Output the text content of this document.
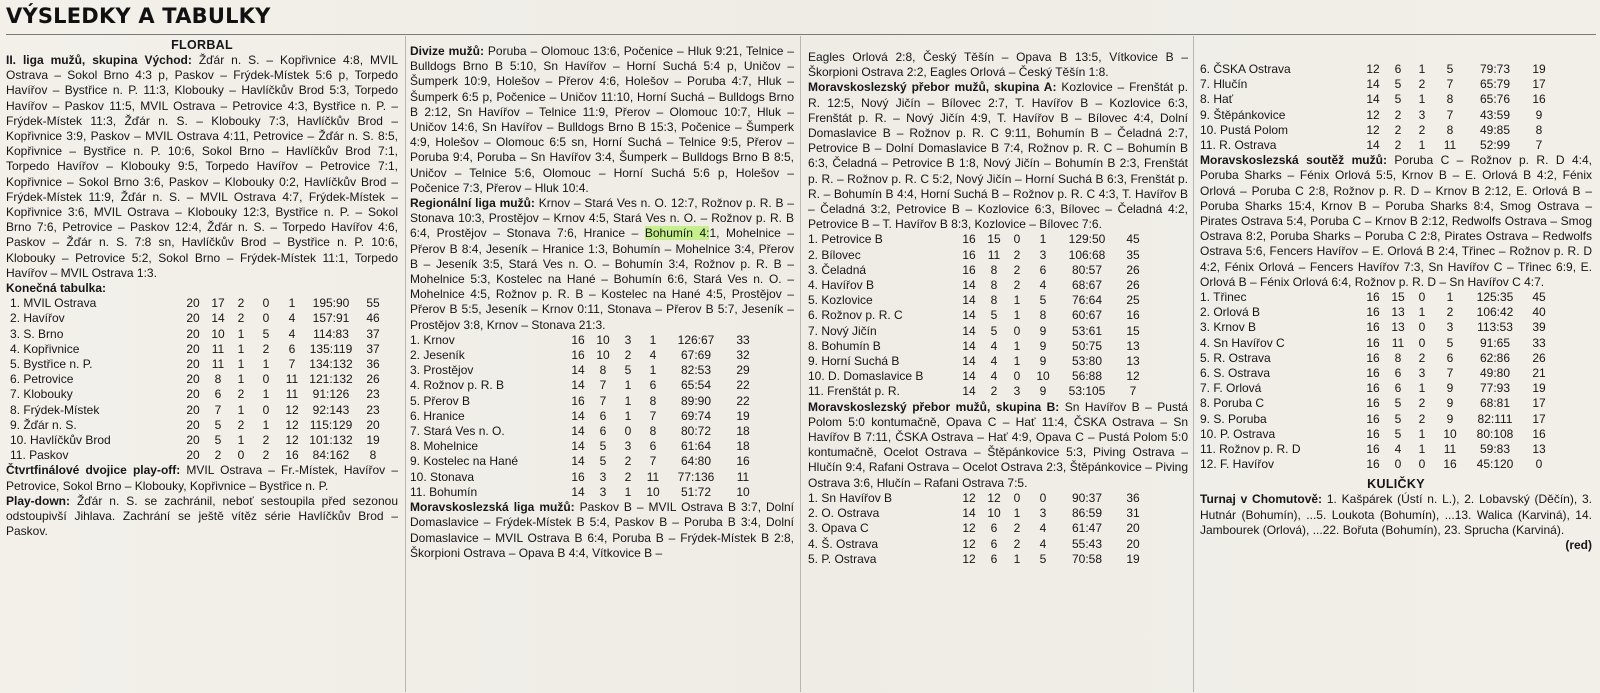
VÝSLEDKY A TABULKY
FLORBAL

II. liga mužů, skupina Východ: Žďár n. S. – Kopřivnice 4:8, MVIL Ostrava – Sokol Brno 4:3 p, Paskov – Frýdek-Místek 5:6 p, Torpedo Havířov – Bystřice n. P. 11:3, Klobouky – Havlíčkův Brod 5:3, Torpedo Havířov – Paskov 11:5, MVIL Ostrava – Petrovice 4:3, Bystřice n. P. – Frýdek-Místek 11:3, Žďár n. S. – Klobouky 7:3, Havlíčkův Brod – Kopřivnice 3:9, Paskov – MVIL Ostrava 4:11, Petrovice – Žďár n. S. 8:5, Kopřivnice – Bystřice n. P. 10:6, Sokol Brno – Havlíčkův Brod 7:1, Torpedo Havířov – Klobouky 9:5, Torpedo Havířov – Petrovice 7:1, Kopřivnice – Sokol Brno 3:6, Paskov – Klobouky 0:2, Havlíčkův Brod – Frýdek-Místek 11:9, Žďár n. S. – MVIL Ostrava 4:7, Frýdek-Místek – Kopřivnice 3:6, MVIL Ostrava – Klobouky 12:3, Bystřice n. P. – Sokol Brno 7:6, Petrovice – Paskov 12:4, Žďár n. S. – Torpedo Havířov 4:6, Paskov – Žďár n. S. 7:8 sn, Havlíčkův Brod – Bystřice n. P. 10:6, Klobouky – Petrovice 5:2, Sokol Brno – Frýdek-Místek 11:1, Torpedo Havířov – MVIL Ostrava 1:3.

Konečná tabulka:

1. MVIL Ostrava	20	17	2	0	1	195:90	55
2. Havířov	20	14	2	0	4	157:91	46
3. S. Brno	20	10	1	5	4	114:83	37
4. Kopřivnice	20	11	1	2	6	135:119	37
5. Bystřice n. P.	20	11	1	1	7	134:132	36
6. Petrovice	20	8	1	0	11	121:132	26
7. Klobouky	20	6	2	1	11	91:126	23
8. Frýdek-Místek	20	7	1	0	12	92:143	23
9. Žďár n. S.	20	5	2	1	12	115:129	20
10. Havlíčkův Brod	20	5	1	2	12	101:132	19
11. Paskov	20	2	0	2	16	84:162	8

Čtvrtfinálové dvojice play-off: MVIL Ostrava – Fr.-Místek, Havířov – Petrovice, Sokol Brno – Klobouky, Kopřivnice – Bystřice n. P.

Play-down: Žďár n. S. se zachránil, neboť sestoupila před sezonou odstoupivší Jihlava. Zachrání se ještě vítěz série Havlíčkův Brod – Paskov.

Divize mužů: Poruba – Olomouc 13:6, Počenice – Hluk 9:21, Telnice – Bulldogs Brno B 5:10, Sn Havířov – Horní Suchá 5:4 p, Uničov – Šumperk 10:9, Holešov – Přerov 4:6, Holešov – Poruba 4:7, Hluk – Šumperk 6:5 p, Počenice – Uničov 11:10, Horní Suchá – Bulldogs Brno B 2:12, Sn Havířov – Telnice 11:9, Přerov – Olomouc 10:7, Hluk – Uničov 14:6, Sn Havířov – Bulldogs Brno B 15:3, Počenice – Šumperk 4:9, Holešov – Olomouc 6:5 sn, Horní Suchá – Telnice 9:5, Přerov – Poruba 9:4, Poruba – Sn Havířov 3:4, Šumperk – Bulldogs Brno B 8:5, Uničov – Telnice 5:6, Olomouc – Horní Suchá 5:6 p, Holešov – Počenice 7:3, Přerov – Hluk 10:4.

Regionální liga mužů: Krnov – Stará Ves n. O. 12:7, Rožnov p. R. B – Stonava 10:3, Prostějov – Krnov 4:5, Stará Ves n. O. – Rožnov p. R. B 6:4, Prostějov – Stonava 7:6, Hranice – Bohumín 4:1, Mohelnice – Přerov B 8:4, Jeseník – Hranice 1:3, Bohumín – Mohelnice 3:4, Přerov B – Jeseník 3:5, Stará Ves n. O. – Bohumín 3:4, Rožnov p. R. B – Mohelnice 5:3, Kostelec na Hané – Bohumín 6:6, Stará Ves n. O. – Mohelnice 4:5, Rožnov p. R. B – Kostelec na Hané 4:5, Prostějov – Přerov B 5:5, Jeseník – Krnov 0:11, Stonava – Přerov B 5:7, Jeseník – Prostějov 3:8, Krnov – Stonava 21:3.

1. Krnov	16	10	3	1	126:67	33
2. Jeseník	16	10	2	4	67:69	32
3. Prostějov	14	8	5	1	82:53	29
4. Rožnov p. R. B	14	7	1	6	65:54	22
5. Přerov B	16	7	1	8	89:90	22
6. Hranice	14	6	1	7	69:74	19
7. Stará Ves n. O.	14	6	0	8	80:72	18
8. Mohelnice	14	5	3	6	61:64	18
9. Kostelec na Hané	14	5	2	7	64:80	16
10. Stonava	16	3	2	11	77:136	11
11. Bohumín	14	3	1	10	51:72	10

Moravskoslezská liga mužů: Paskov B – MVIL Ostrava B 3:7, Dolní Domaslavice – Frýdek-Místek B 5:4, Paskov B – Poruba B 3:4, Dolní Domaslavice – MVIL Ostrava B 6:4, Poruba B – Frýdek-Místek B 2:8, Škorpioni Ostrava – Opava B 4:4, Vítkovice B –

Eagles Orlová 2:8, Český Těšín – Opava B 13:5, Vítkovice B – Škorpioni Ostrava 2:2, Eagles Orlová – Český Těšín 1:8.

Moravskoslezský přebor mužů, skupina A: Kozlovice – Frenštát p. R. 12:5, Nový Jičín – Bílovec 2:7, T. Havířov B – Kozlovice 6:3, Frenštát p. R. – Nový Jičín 4:9, T. Havířov B – Bílovec 4:4, Dolní Domaslavice B – Rožnov p. R. C 9:11, Bohumín B – Čeladná 2:7, Petrovice B – Dolní Domaslavice B 7:4, Rožnov p. R. C – Bohumín B 6:3, Čeladná – Petrovice B 1:8, Nový Jičín – Bohumín B 2:3, Frenštát p. R. – Rožnov p. R. C 5:2, Nový Jičín – Horní Suchá B 6:3, Frenštát p. R. – Bohumín B 4:4, Horní Suchá B – Rožnov p. R. C 4:3, T. Havířov B – Čeladná 3:2, Petrovice B – Kozlovice 6:3, Bílovec – Čeladná 4:2, Petrovice B – T. Havířov B 8:3, Kozlovice – Bílovec 7:6.

1. Petrovice B	16	15	0	1	129:50	45
2. Bílovec	16	11	2	3	106:68	35
3. Čeladná	16	8	2	6	80:57	26
4. Havířov B	14	8	2	4	68:67	26
5. Kozlovice	14	8	1	5	76:64	25
6. Rožnov p. R. C	14	5	1	8	60:67	16
7. Nový Jičín	14	5	0	9	53:61	15
8. Bohumín B	14	4	1	9	50:75	13
9. Horní Suchá B	14	4	1	9	53:80	13
10. D. Domaslavice B	14	4	0	10	56:88	12
11. Frenštát p. R.	14	2	3	9	53:105	7

Moravskoslezský přebor mužů, skupina B: Sn Havířov B – Pustá Polom 5:0 kontumačně, Opava C – Hať 11:4, ČSKA Ostrava – Sn Havířov B 7:11, ČSKA Ostrava – Hať 4:9, Opava C – Pustá Polom 5:0 kontumačně, Ocelot Ostrava – Štěpánkovice 5:3, Piving Ostrava – Hlučín 9:4, Rafani Ostrava – Ocelot Ostrava 2:3, Štěpánkovice – Piving Ostrava 3:6, Hlučín – Rafani Ostrava 7:5.

1. Sn Havířov B	12	12	0	0	90:37	36
2. O. Ostrava	14	10	1	3	86:59	31
3. Opava C	12	6	2	4	61:47	20
4. Š. Ostrava	12	6	2	4	55:43	20
5. P. Ostrava	12	6	1	5	70:58	19
6. ČSKA Ostrava	12	6	1	5	79:73	19
7. Hlučín	14	5	2	7	65:79	17
8. Hať	14	5	1	8	65:76	16
9. Štěpánkovice	12	2	3	7	43:59	9
10. Pustá Polom	12	2	2	8	49:85	8
11. R. Ostrava	14	2	1	11	52:99	7

Moravskoslezská soutěž mužů: Poruba C – Rožnov p. R. D 4:4, Poruba Sharks – Fénix Orlová 5:5, Krnov B – E. Orlová B 4:2, Fénix Orlová – Poruba C 2:8, Rožnov p. R. D – Krnov B 2:12, E. Orlová B – Poruba Sharks 15:4, Krnov B – Poruba Sharks 8:4, Smog Ostrava – Pirates Ostrava 5:4, Poruba C – Krnov B 2:12, Redwolfs Ostrava – Smog Ostrava 8:2, Poruba Sharks – Poruba C 2:8, Pirates Ostrava – Redwolfs Ostrava 5:6, Fencers Havířov – E. Orlová B 2:4, Třinec – Rožnov p. R. D 4:2, Fénix Orlová – Fencers Havířov 7:3, Sn Havířov C – Třinec 6:9, E. Orlová B – Fénix Orlová 6:4, Rožnov p. R. D – Sn Havířov C 4:7.

1. Třinec	16	15	0	1	125:35	45
2. Orlová B	16	13	1	2	106:42	40
3. Krnov B	16	13	0	3	113:53	39
4. Sn Havířov C	16	11	0	5	91:65	33
5. R. Ostrava	16	8	2	6	62:86	26
6. S. Ostrava	16	6	3	7	49:80	21
7. F. Orlová	16	6	1	9	77:93	19
8. Poruba C	16	5	2	9	68:81	17
9. S. Poruba	16	5	2	9	82:111	17
10. P. Ostrava	16	5	1	10	80:108	16
11. Rožnov p. R. D	16	4	1	11	59:83	13
12. F. Havířov	16	0	0	16	45:120	0
KULIČKY

Turnaj v Chomutově: 1. Kašpárek (Ústí n. L.), 2. Lobavský (Děčín), 3. Hutnár (Bohumín), ...5. Loukota (Bohumín), ...13. Walica (Karviná), 14. Jambourek (Orlová), ...22. Bořuta (Bohumín), 23. Sprucha (Karviná).

(red)
